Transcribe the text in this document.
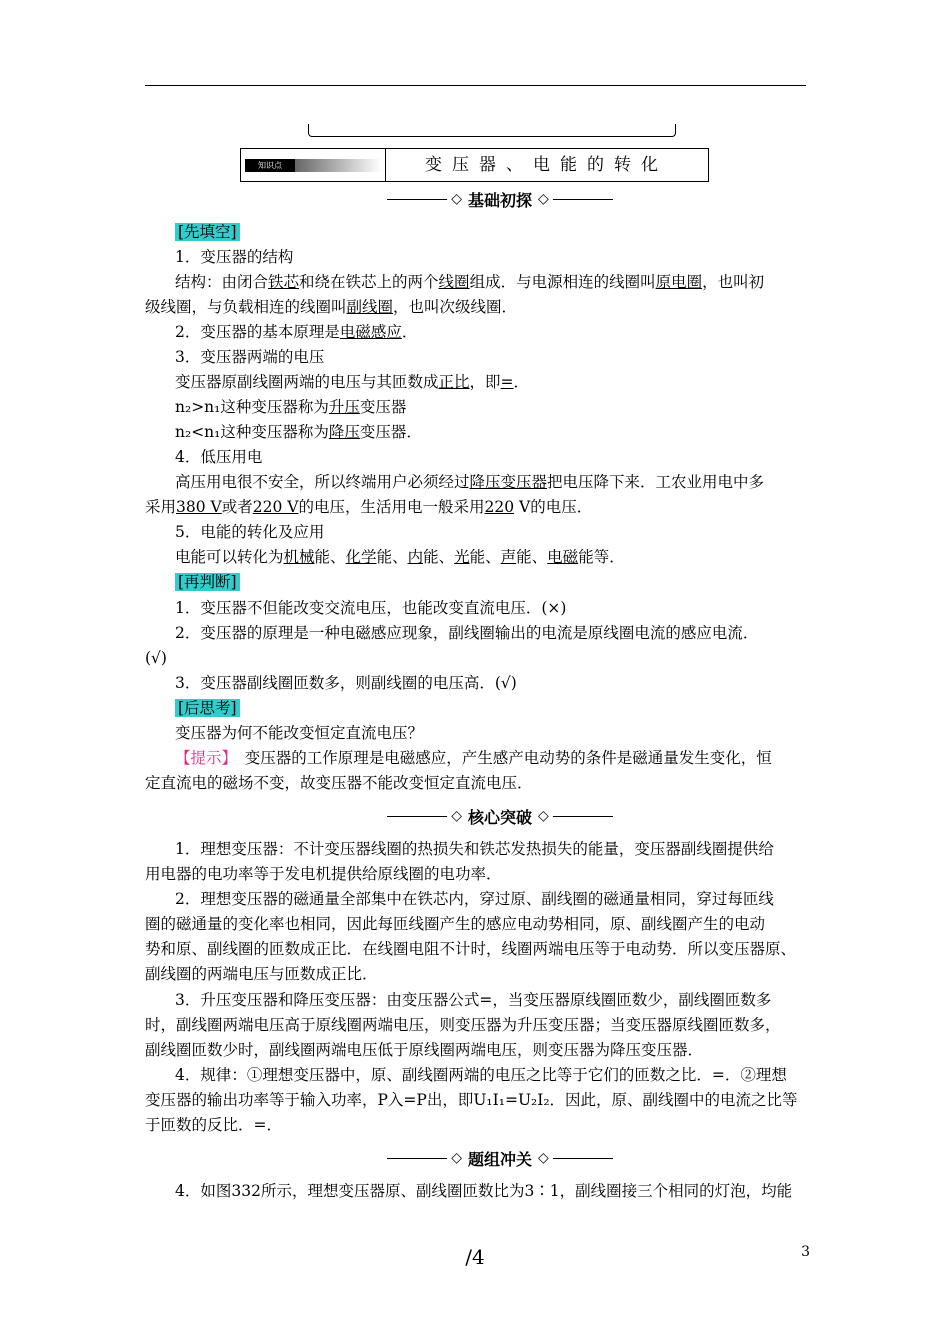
知识点	变压器、电能的转化
◇ 基础初探 ◇
[先填空]
1．变压器的结构
结构：由闭合铁芯和绕在铁芯上的两个线圈组成．与电源相连的线圈叫原电圈，也叫初
级线圈，与负载相连的线圈叫副线圈，也叫次级线圈．
2．变压器的基本原理是电磁感应．
3．变压器两端的电压
变压器原副线圈两端的电压与其匝数成正比，即=．
n₂>n₁这种变压器称为升压变压器
n₂<n₁这种变压器称为降压变压器．
4．低压用电
高压用电很不安全，所以终端用户必须经过降压变压器把电压降下来．工农业用电中多
采用380 V或者220 V的电压，生活用电一般采用220 V的电压．
5．电能的转化及应用
电能可以转化为机械能、化学能、内能、光能、声能、电磁能等．
[再判断]
1．变压器不但能改变交流电压，也能改变直流电压．(×)
2．变压器的原理是一种电磁感应现象，副线圈输出的电流是原线圈电流的感应电流．
(√)
3．变压器副线圈匝数多，则副线圈的电压高．(√)
[后思考]
变压器为何不能改变恒定直流电压？
【提示】　变压器的工作原理是电磁感应，产生感产电动势的条件是磁通量发生变化，恒
定直流电的磁场不变，故变压器不能改变恒定直流电压．
◇ 核心突破 ◇
1．理想变压器：不计变压器线圈的热损失和铁芯发热损失的能量，变压器副线圈提供给
用电器的电功率等于发电机提供给原线圈的电功率．
2．理想变压器的磁通量全部集中在铁芯内，穿过原、副线圈的磁通量相同，穿过每匝线
圈的磁通量的变化率也相同，因此每匝线圈产生的感应电动势相同，原、副线圈产生的电动
势和原、副线圈的匝数成正比．在线圈电阻不计时，线圈两端电压等于电动势．所以变压器原、
副线圈的两端电压与匝数成正比．
3．升压变压器和降压变压器：由变压器公式=，当变压器原线圈匝数少，副线圈匝数多
时，副线圈两端电压高于原线圈两端电压，则变压器为升压变压器；当变压器原线圈匝数多，
副线圈匝数少时，副线圈两端电压低于原线圈两端电压，则变压器为降压变压器．
4．规律：①理想变压器中，原、副线圈两端的电压之比等于它们的匝数之比．=．②理想
变压器的输出功率等于输入功率，P入=P出，即U₁I₁=U₂I₂．因此，原、副线圈中的电流之比等
于匝数的反比．=．
◇ 题组冲关 ◇
4．如图332所示，理想变压器原、副线圈匝数比为3∶1，副线圈接三个相同的灯泡，均能
/4	3
